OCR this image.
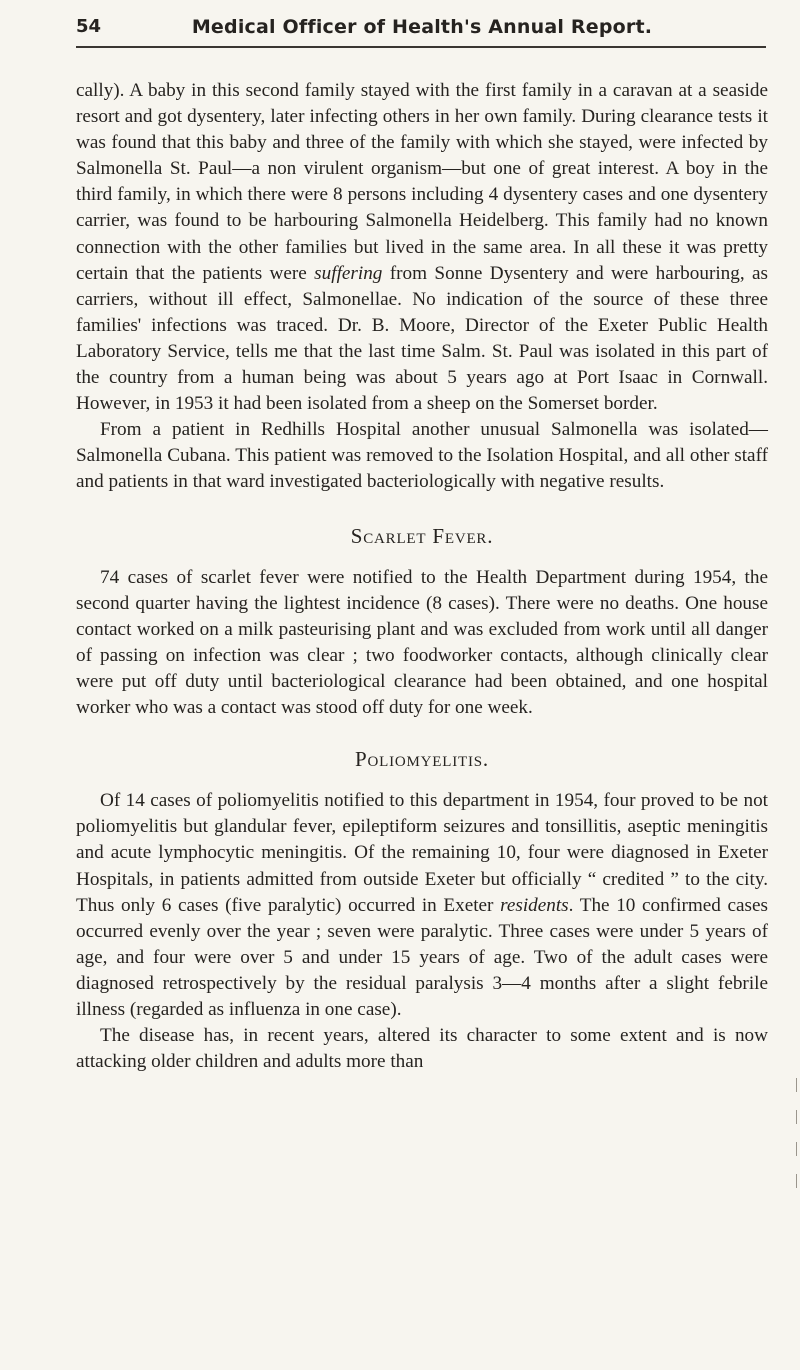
54	Medical Officer of Health's Annual Report.

cally). A baby in this second family stayed with the first family in a caravan at a seaside resort and got dysentery, later infecting others in her own family. During clearance tests it was found that this baby and three of the family with which she stayed, were infected by Salmonella St. Paul—a non virulent organism—but one of great interest. A boy in the third family, in which there were 8 persons including 4 dysentery cases and one dysentery carrier, was found to be harbouring Salmonella Heidelberg. This family had no known connection with the other families but lived in the same area. In all these it was pretty certain that the patients were suffering from Sonne Dysentery and were harbouring, as carriers, without ill effect, Salmonellae. No indication of the source of these three families' infections was traced. Dr. B. Moore, Director of the Exeter Public Health Laboratory Service, tells me that the last time Salm. St. Paul was isolated in this part of the country from a human being was about 5 years ago at Port Isaac in Cornwall. However, in 1953 it had been isolated from a sheep on the Somerset border.

From a patient in Redhills Hospital another unusual Salmonella was isolated—Salmonella Cubana. This patient was removed to the Isolation Hospital, and all other staff and patients in that ward investigated bacteriologically with negative results.

Scarlet Fever.

74 cases of scarlet fever were notified to the Health Department during 1954, the second quarter having the lightest incidence (8 cases). There were no deaths. One house contact worked on a milk pasteurising plant and was excluded from work until all danger of passing on infection was clear ; two foodworker contacts, although clinically clear were put off duty until bacteriological clearance had been obtained, and one hospital worker who was a contact was stood off duty for one week.

Poliomyelitis.

Of 14 cases of poliomyelitis notified to this department in 1954, four proved to be not poliomyelitis but glandular fever, epileptiform seizures and tonsillitis, aseptic meningitis and acute lymphocytic meningitis. Of the remaining 10, four were diagnosed in Exeter Hospitals, in patients admitted from outside Exeter but officially “ credited ” to the city. Thus only 6 cases (five paralytic) occurred in Exeter residents. The 10 confirmed cases occurred evenly over the year ; seven were paralytic. Three cases were under 5 years of age, and four were over 5 and under 15 years of age. Two of the adult cases were diagnosed retrospectively by the residual paralysis 3—4 months after a slight febrile illness (regarded as influenza in one case).

The disease has, in recent years, altered its character to some extent and is now attacking older children and adults more than
